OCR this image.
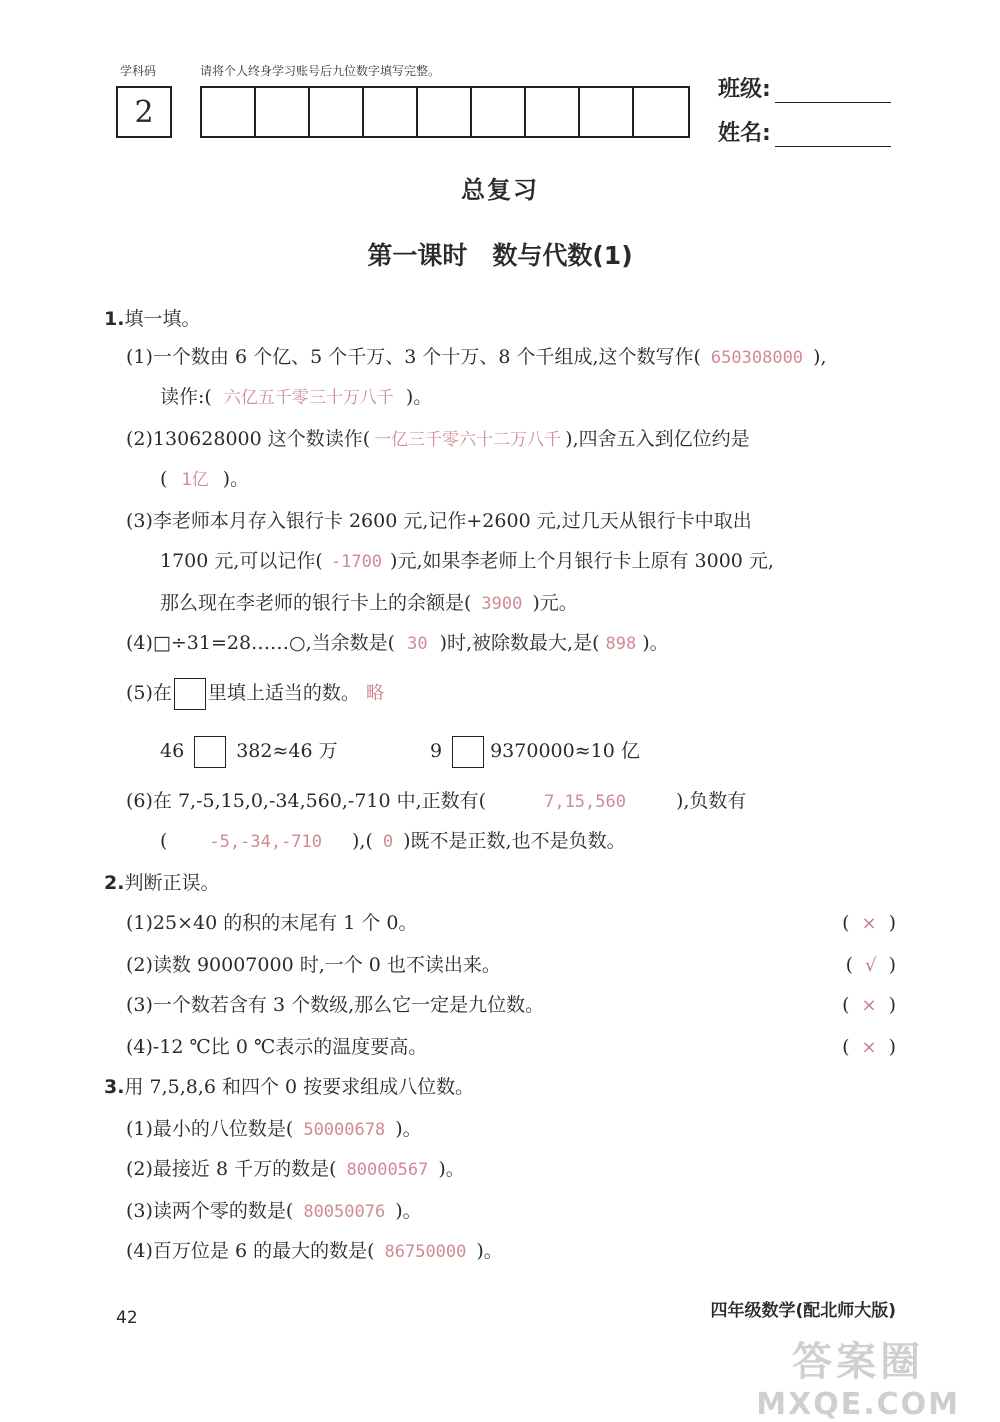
学科码	请将个人终身学习账号后九位数字填写完整。
2
班级:
姓名:
总复习
第一课时　数与代数(1)
1.填一填。
(1)一个数由 6 个亿、5 个千万、3 个十万、8 个千组成,这个数写作( 650308000 ),
读作:( 六亿五千零三十万八千 )。
(2)130628000 这个数读作( 一亿三千零六十二万八千 ),四舍五入到亿位约是
( 1亿 )。
(3)李老师本月存入银行卡 2600 元,记作+2600 元,过几天从银行卡中取出
1700 元,可以记作( -1700 )元,如果李老师上个月银行卡上原有 3000 元,
那么现在李老师的银行卡上的余额是( 3900 )元。
(4)□÷31=28……○,当余数是( 30 )时,被除数最大,是( 898 )。
(5)在 里填上适当的数。 略
46	382≈46 万	9	9370000≈10 亿
(6)在 7,-5,15,0,-34,560,-710 中,正数有(	7,15,560	),负数有
( -5,-34,-710 ),( 0 )既不是正数,也不是负数。
2.判断正误。
(1)25×40 的积的末尾有 1 个 0。	( × )
(2)读数 90007000 时,一个 0 也不读出来。	( √ )
(3)一个数若含有 3 个数级,那么它一定是九位数。	( × )
(4)-12 ℃比 0 ℃表示的温度要高。	( × )
3.用 7,5,8,6 和四个 0 按要求组成八位数。
(1)最小的八位数是( 50000678 )。
(2)最接近 8 千万的数是( 80000567 )。
(3)读两个零的数是( 80050076 )。
(4)百万位是 6 的最大的数是( 86750000 )。
42	四年级数学(配北师大版)
答案圈
MXQE.COM
